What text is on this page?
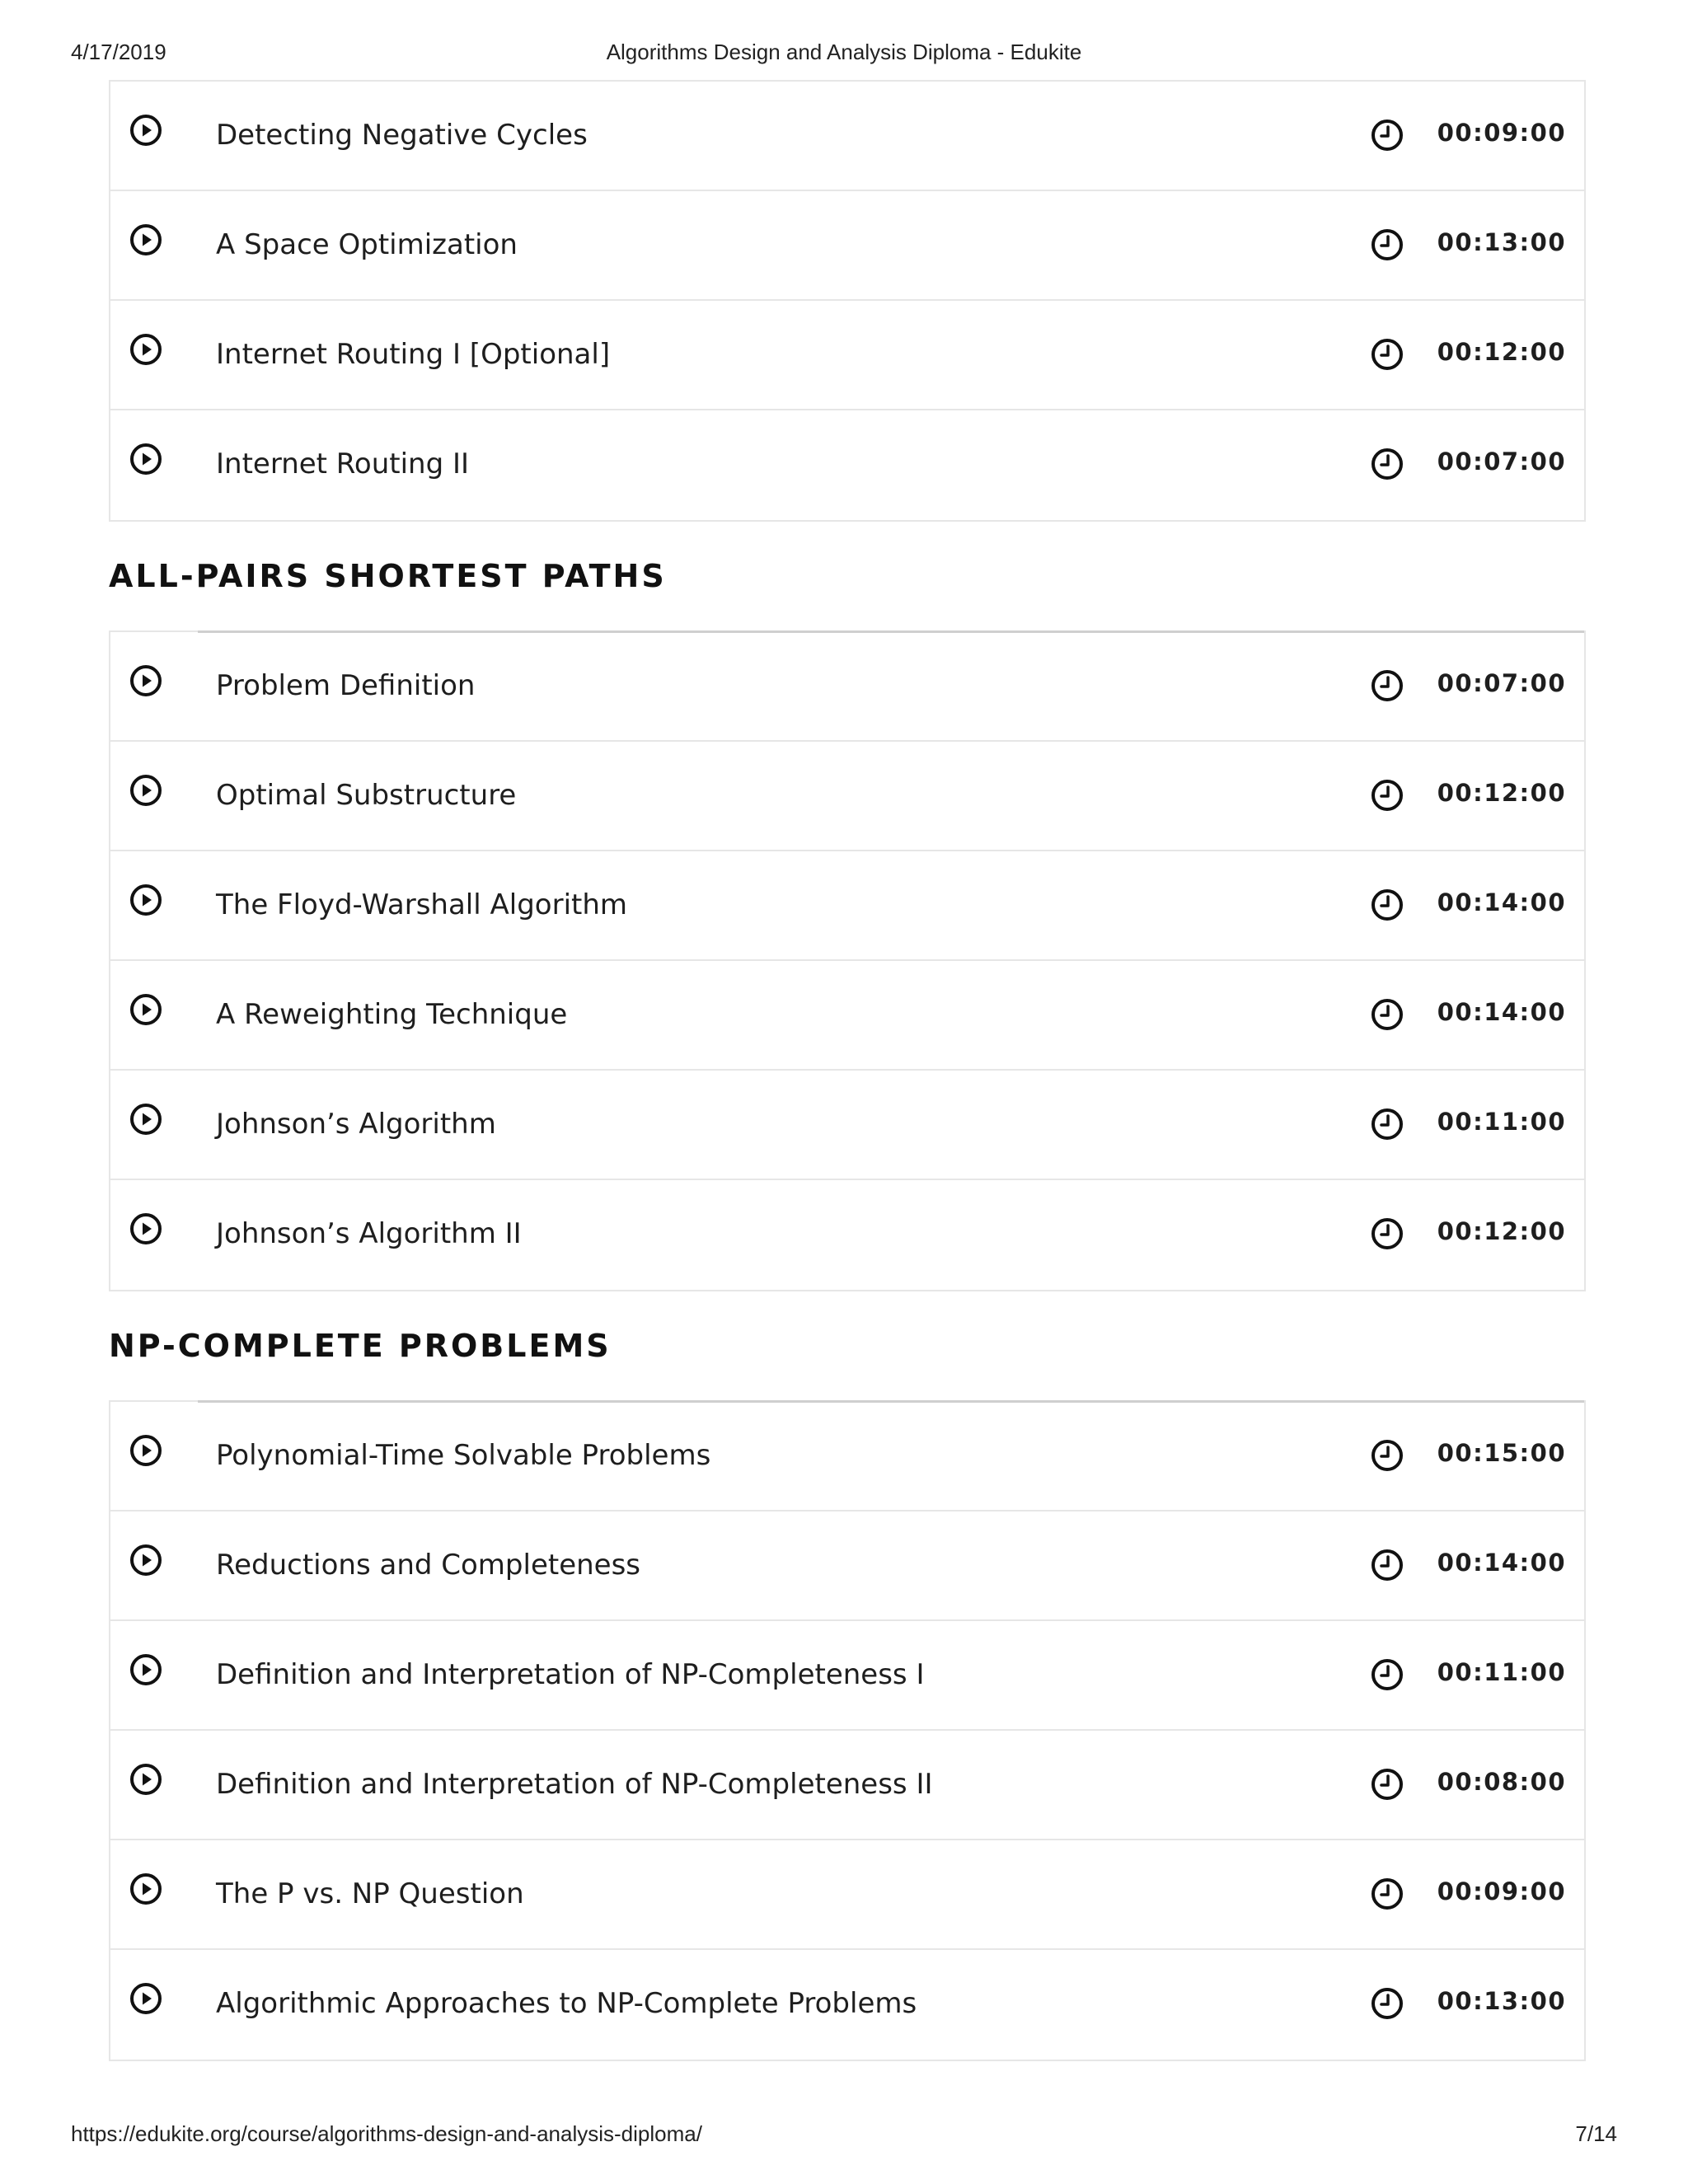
4/17/2019	Algorithms Design and Analysis Diploma - Edukite
Detecting Negative Cycles	00:09:00
A Space Optimization	00:13:00
Internet Routing I [Optional]	00:12:00
Internet Routing II	00:07:00
ALL-PAIRS SHORTEST PATHS
Problem Definition	00:07:00
Optimal Substructure	00:12:00
The Floyd-Warshall Algorithm	00:14:00
A Reweighting Technique	00:14:00
Johnson’s Algorithm	00:11:00
Johnson’s Algorithm II	00:12:00
NP-COMPLETE PROBLEMS
Polynomial-Time Solvable Problems	00:15:00
Reductions and Completeness	00:14:00
Definition and Interpretation of NP-Completeness I	00:11:00
Definition and Interpretation of NP-Completeness II	00:08:00
The P vs. NP Question	00:09:00
Algorithmic Approaches to NP-Complete Problems	00:13:00
https://edukite.org/course/algorithms-design-and-analysis-diploma/	7/14
